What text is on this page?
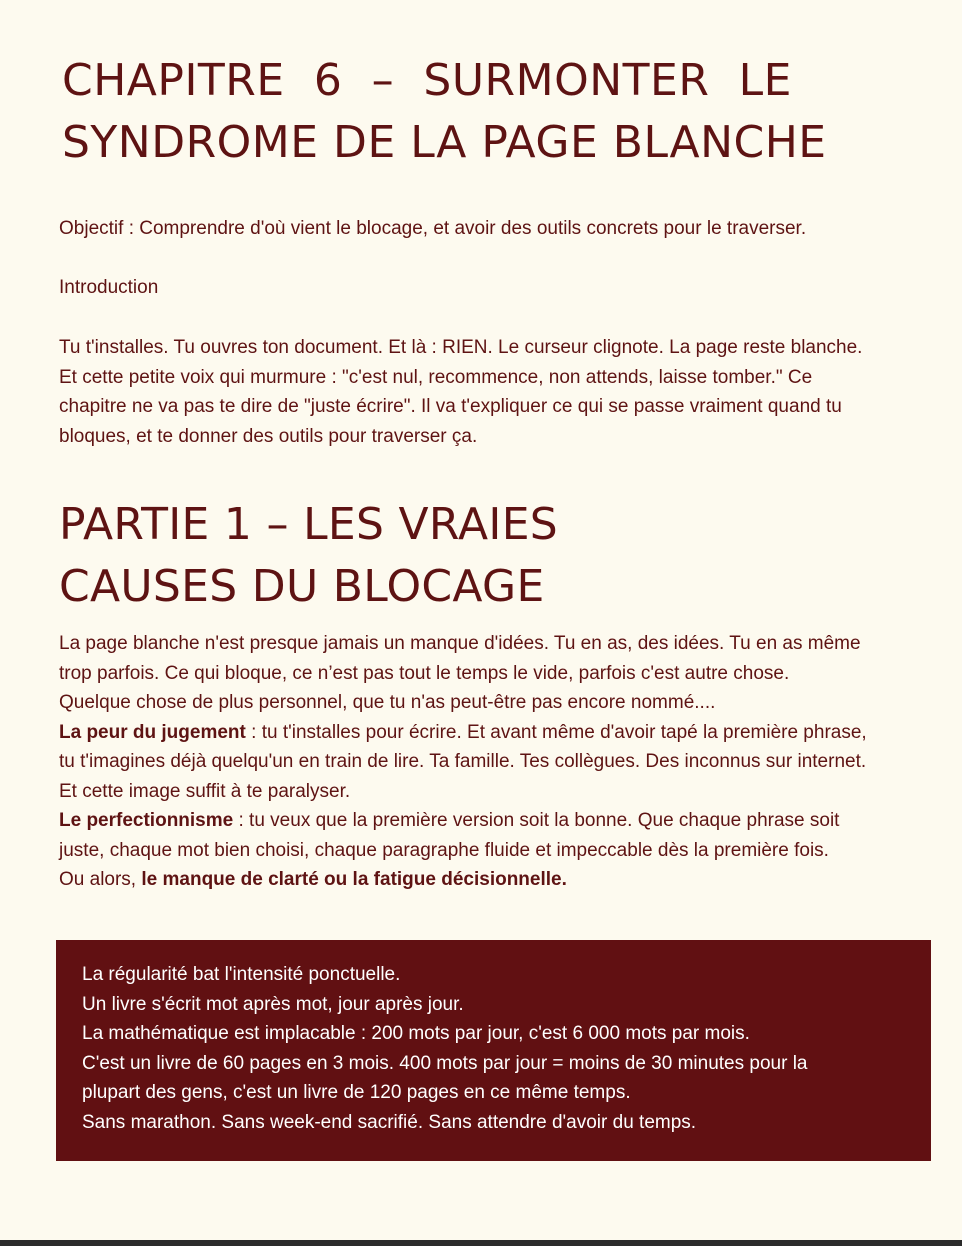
CHAPITRE 6 – SURMONTER LE
SYNDROME DE LA PAGE BLANCHE

Objectif : Comprendre d'où vient le blocage, et avoir des outils concrets pour le traverser.

Introduction

Tu t'installes. Tu ouvres ton document. Et là : RIEN. Le curseur clignote. La page reste blanche.
Et cette petite voix qui murmure : "c'est nul, recommence, non attends, laisse tomber." Ce
chapitre ne va pas te dire de "juste écrire". Il va t'expliquer ce qui se passe vraiment quand tu
bloques, et te donner des outils pour traverser ça.

PARTIE 1 – LES VRAIES
CAUSES DU BLOCAGE

La page blanche n'est presque jamais un manque d'idées. Tu en as, des idées. Tu en as même
trop parfois. Ce qui bloque, ce n’est pas tout le temps le vide, parfois c'est autre chose.
Quelque chose de plus personnel, que tu n'as peut-être pas encore nommé....
La peur du jugement : tu t'installes pour écrire. Et avant même d'avoir tapé la première phrase,
tu t'imagines déjà quelqu'un en train de lire. Ta famille. Tes collègues. Des inconnus sur internet.
Et cette image suffit à te paralyser.
Le perfectionnisme : tu veux que la première version soit la bonne. Que chaque phrase soit
juste, chaque mot bien choisi, chaque paragraphe fluide et impeccable dès la première fois.
Ou alors, le manque de clarté ou la fatigue décisionnelle.

La régularité bat l'intensité ponctuelle.
Un livre s'écrit mot après mot, jour après jour.
La mathématique est implacable : 200 mots par jour, c'est 6 000 mots par mois.
C'est un livre de 60 pages en 3 mois. 400 mots par jour = moins de 30 minutes pour la
plupart des gens, c'est un livre de 120 pages en ce même temps.
Sans marathon. Sans week-end sacrifié. Sans attendre d'avoir du temps.
